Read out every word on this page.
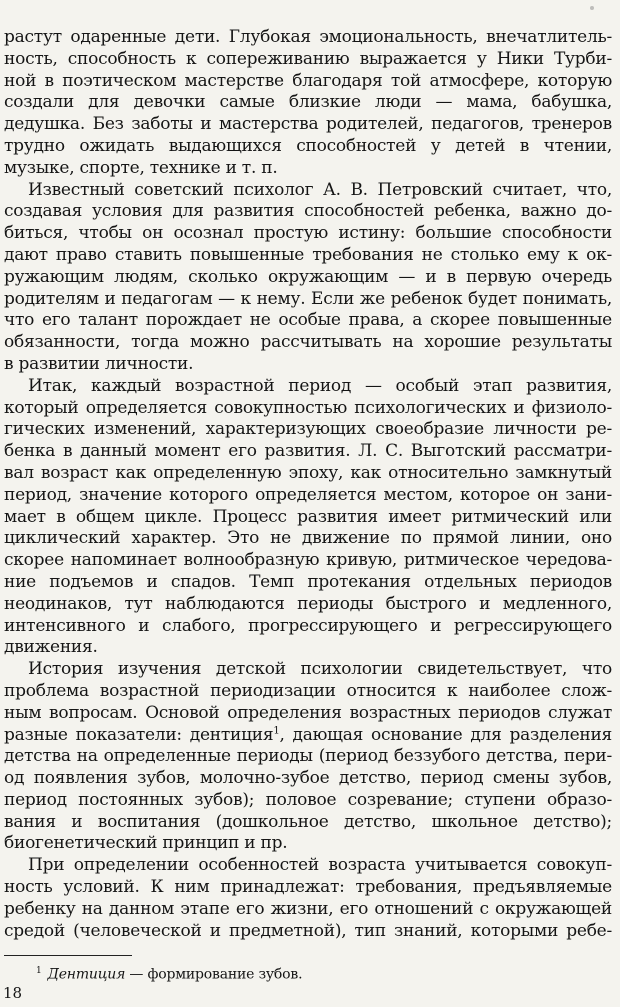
растут одаренные дети. Глубокая эмоциональность, внечатлитель-
ность, способность к сопереживанию выражается у Ники Турби-
ной в поэтическом мастерстве благодаря той атмосфере, которую
создали для девочки самые близкие люди — мама, бабушка,
дедушка. Без заботы и мастерства родителей, педагогов, тренеров
трудно ожидать выдающихся способностей у детей в чтении,
музыке, спорте, технике и т. п.
Известный советский психолог А. В. Петровский считает, что,
создавая условия для развития способностей ребенка, важно до-
биться, чтобы он осознал простую истину: большие способности
дают право ставить повышенные требования не столько ему к ок-
ружающим людям, сколько окружающим — и в первую очередь
родителям и педагогам — к нему. Если же ребенок будет понимать,
что его талант порождает не особые права, а скорее повышенные
обязанности, тогда можно рассчитывать на хорошие результаты
в развитии личности.
Итак, каждый возрастной период — особый этап развития,
который определяется совокупностью психологических и физиоло-
гических изменений, характеризующих своеобразие личности ре-
бенка в данный момент его развития. Л. С. Выготский рассматри-
вал возраст как определенную эпоху, как относительно замкнутый
период, значение которого определяется местом, которое он зани-
мает в общем цикле. Процесс развития имеет ритмический или
циклический характер. Это не движение по прямой линии, оно
скорее напоминает волнообразную кривую, ритмическое чередова-
ние подъемов и спадов. Темп протекания отдельных периодов
неодинаков, тут наблюдаются периоды быстрого и медленного,
интенсивного и слабого, прогрессирующего и регрессирующего
движения.
История изучения детской психологии свидетельствует, что
проблема возрастной периодизации относится к наиболее слож-
ным вопросам. Основой определения возрастных периодов служат
разные показатели: дентиция$^1$, дающая основание для разделения
детства на определенные периоды (период беззубого детства, пери-
од появления зубов, молочно-зубое детство, период смены зубов,
период постоянных зубов); половое созревание; ступени образо-
вания и воспитания (дошкольное детство, школьное детство);
биогенетический принцип и пр.
При определении особенностей возраста учитывается совокуп-
ность условий. К ним принадлежат: требования, предъявляемые
ребенку на данном этапе его жизни, его отношений с окружающей
средой (человеческой и предметной), тип знаний, которыми ребе-
$^1$ Дентиция — формирование зубов.
18
